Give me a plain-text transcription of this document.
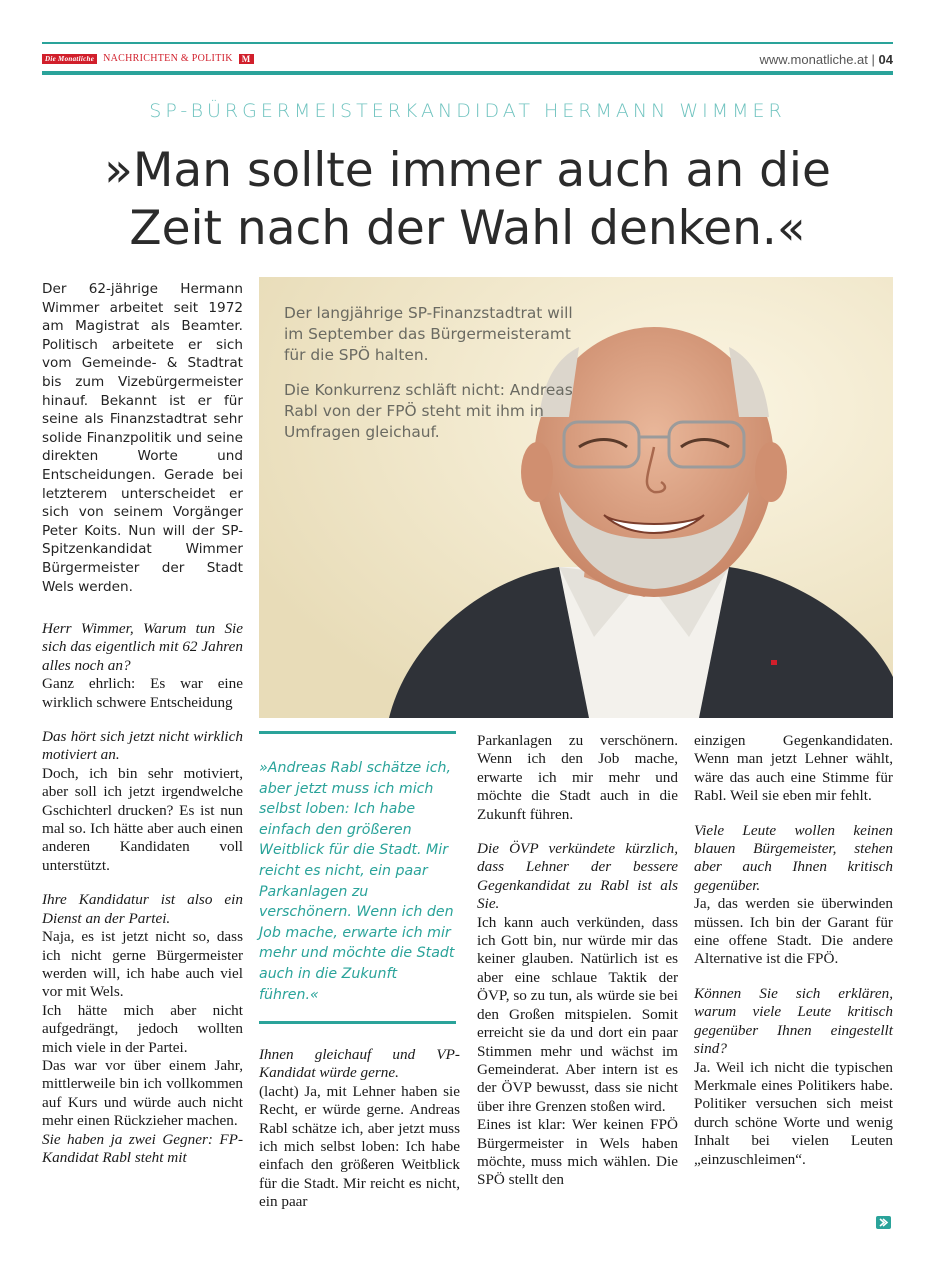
Die Monatliche NACHRICHTEN & POLITIK	M	www.monatliche.at | 04
SP-BÜRGERMEISTERKANDIDAT HERMANN WIMMER
»Man sollte immer auch an die
Zeit nach der Wahl denken.«
Der 62-jährige Hermann Wimmer arbeitet seit 1972 am Magistrat als Beamter. Politisch arbeitete er sich vom Gemeinde- & Stadtrat bis zum Vizebürgermeister hinauf. Bekannt ist er für seine als Finanzstadtrat sehr solide Finanzpolitik und seine direkten Worte und Entscheidungen. Gerade bei letzterem unterscheidet er sich von seinem Vorgänger Peter Koits. Nun will der SP-Spitzenkandidat Wimmer Bürgermeister der Stadt Wels werden.

Der langjährige SP-Finanzstadtrat will im September das Bürgermeisteramt für die SPÖ halten.

Die Konkurrenz schläft nicht: Andreas Rabl von der FPÖ steht mit ihm in Umfragen gleichauf.

Herr Wimmer, Warum tun Sie sich das eigentlich mit 62 Jahren alles noch an?

Ganz ehrlich: Es war eine wirklich schwere Entscheidung

Das hört sich jetzt nicht wirklich motiviert an.

Doch, ich bin sehr motiviert, aber soll ich jetzt irgendwelche Gschichterl drucken? Es ist nun mal so. Ich hätte aber auch einen anderen Kandidaten voll unterstützt.

Ihre Kandidatur ist also ein Dienst an der Partei.

Naja, es ist jetzt nicht so, dass ich nicht gerne Bürgermeister werden will, ich habe auch viel vor mit Wels.

Ich hätte mich aber nicht aufgedrängt, jedoch wollten mich viele in der Partei.

Das war vor über einem Jahr, mittlerweile bin ich vollkommen auf Kurs und würde auch nicht mehr einen Rückzieher machen.

Sie haben ja zwei Gegner: FP-Kandidat Rabl steht mit

»Andreas Rabl schätze ich, aber jetzt muss ich mich selbst loben: Ich habe einfach den größeren Weitblick für die Stadt. Mir reicht es nicht, ein paar Parkanlagen zu verschönern. Wenn ich den Job mache, erwarte ich mir mehr und möchte die Stadt auch in die Zukunft führen.«

Ihnen gleichauf und VP-Kandidat würde gerne.

(lacht) Ja, mit Lehner haben sie Recht, er würde gerne. Andreas Rabl schätze ich, aber jetzt muss ich mich selbst loben: Ich habe einfach den größeren Weitblick für die Stadt. Mir reicht es nicht, ein paar

Parkanlagen zu verschönern. Wenn ich den Job mache, erwarte ich mir mehr und möchte die Stadt auch in die Zukunft führen.

Die ÖVP verkündete kürzlich, dass Lehner der bessere Gegenkandidat zu Rabl ist als Sie.

Ich kann auch verkünden, dass ich Gott bin, nur würde mir das keiner glauben. Natürlich ist es aber eine schlaue Taktik der ÖVP, so zu tun, als würde sie bei den Großen mitspielen. Somit erreicht sie da und dort ein paar Stimmen mehr und wächst im Gemeinderat. Aber intern ist es der ÖVP bewusst, dass sie nicht über ihre Grenzen stoßen wird.

Eines ist klar: Wer keinen FPÖ Bürgermeister in Wels haben möchte, muss mich wählen. Die SPÖ stellt den

einzigen Gegenkandidaten. Wenn man jetzt Lehner wählt, wäre das auch eine Stimme für Rabl. Weil sie eben mir fehlt.

Viele Leute wollen keinen blauen Bürgemeister, stehen aber auch Ihnen kritisch gegenüber.

Ja, das werden sie überwinden müssen. Ich bin der Garant für eine offene Stadt. Die andere Alternative ist die FPÖ.

Können Sie sich erklären, warum viele Leute kritisch gegenüber Ihnen eingestellt sind?

Ja. Weil ich nicht die typischen Merkmale eines Politikers habe. Politiker versuchen sich meist durch schöne Worte und wenig Inhalt bei vielen Leuten „einzuschleimen“.
